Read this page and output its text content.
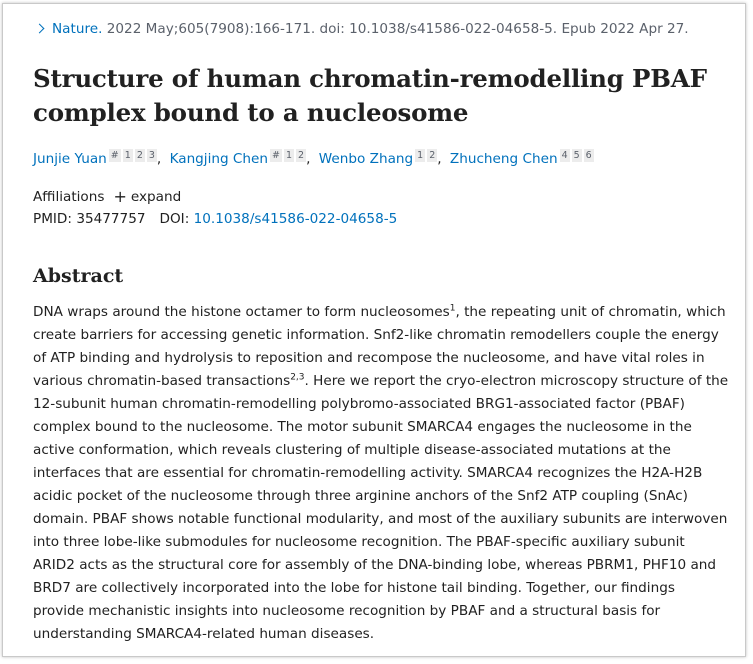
Nature. 2022 May;605(7908):166-171. doi: 10.1038/s41586-022-04658-5. Epub 2022 Apr 27.
Structure of human chromatin-remodelling PBAF
complex bound to a nucleosome
Junjie Yuan # 1 2 3 , Kangjing Chen # 1 2 , Wenbo Zhang 1 2 , Zhucheng Chen 4 5 6
Affiliations + expand
PMID: 35477757 DOI: 10.1038/s41586-022-04658-5
Abstract
DNA wraps around the histone octamer to form nucleosomes$^1$, the repeating unit of chromatin, which
create barriers for accessing genetic information. Snf2-like chromatin remodellers couple the energy
of ATP binding and hydrolysis to reposition and recompose the nucleosome, and have vital roles in
various chromatin-based transactions$^{2,3}$. Here we report the cryo-electron microscopy structure of the
12-subunit human chromatin-remodelling polybromo-associated BRG1-associated factor (PBAF)
complex bound to the nucleosome. The motor subunit SMARCA4 engages the nucleosome in the
active conformation, which reveals clustering of multiple disease-associated mutations at the
interfaces that are essential for chromatin-remodelling activity. SMARCA4 recognizes the H2A-H2B
acidic pocket of the nucleosome through three arginine anchors of the Snf2 ATP coupling (SnAc)
domain. PBAF shows notable functional modularity, and most of the auxiliary subunits are interwoven
into three lobe-like submodules for nucleosome recognition. The PBAF-specific auxiliary subunit
ARID2 acts as the structural core for assembly of the DNA-binding lobe, whereas PBRM1, PHF10 and
BRD7 are collectively incorporated into the lobe for histone tail binding. Together, our findings
provide mechanistic insights into nucleosome recognition by PBAF and a structural basis for
understanding SMARCA4-related human diseases.
